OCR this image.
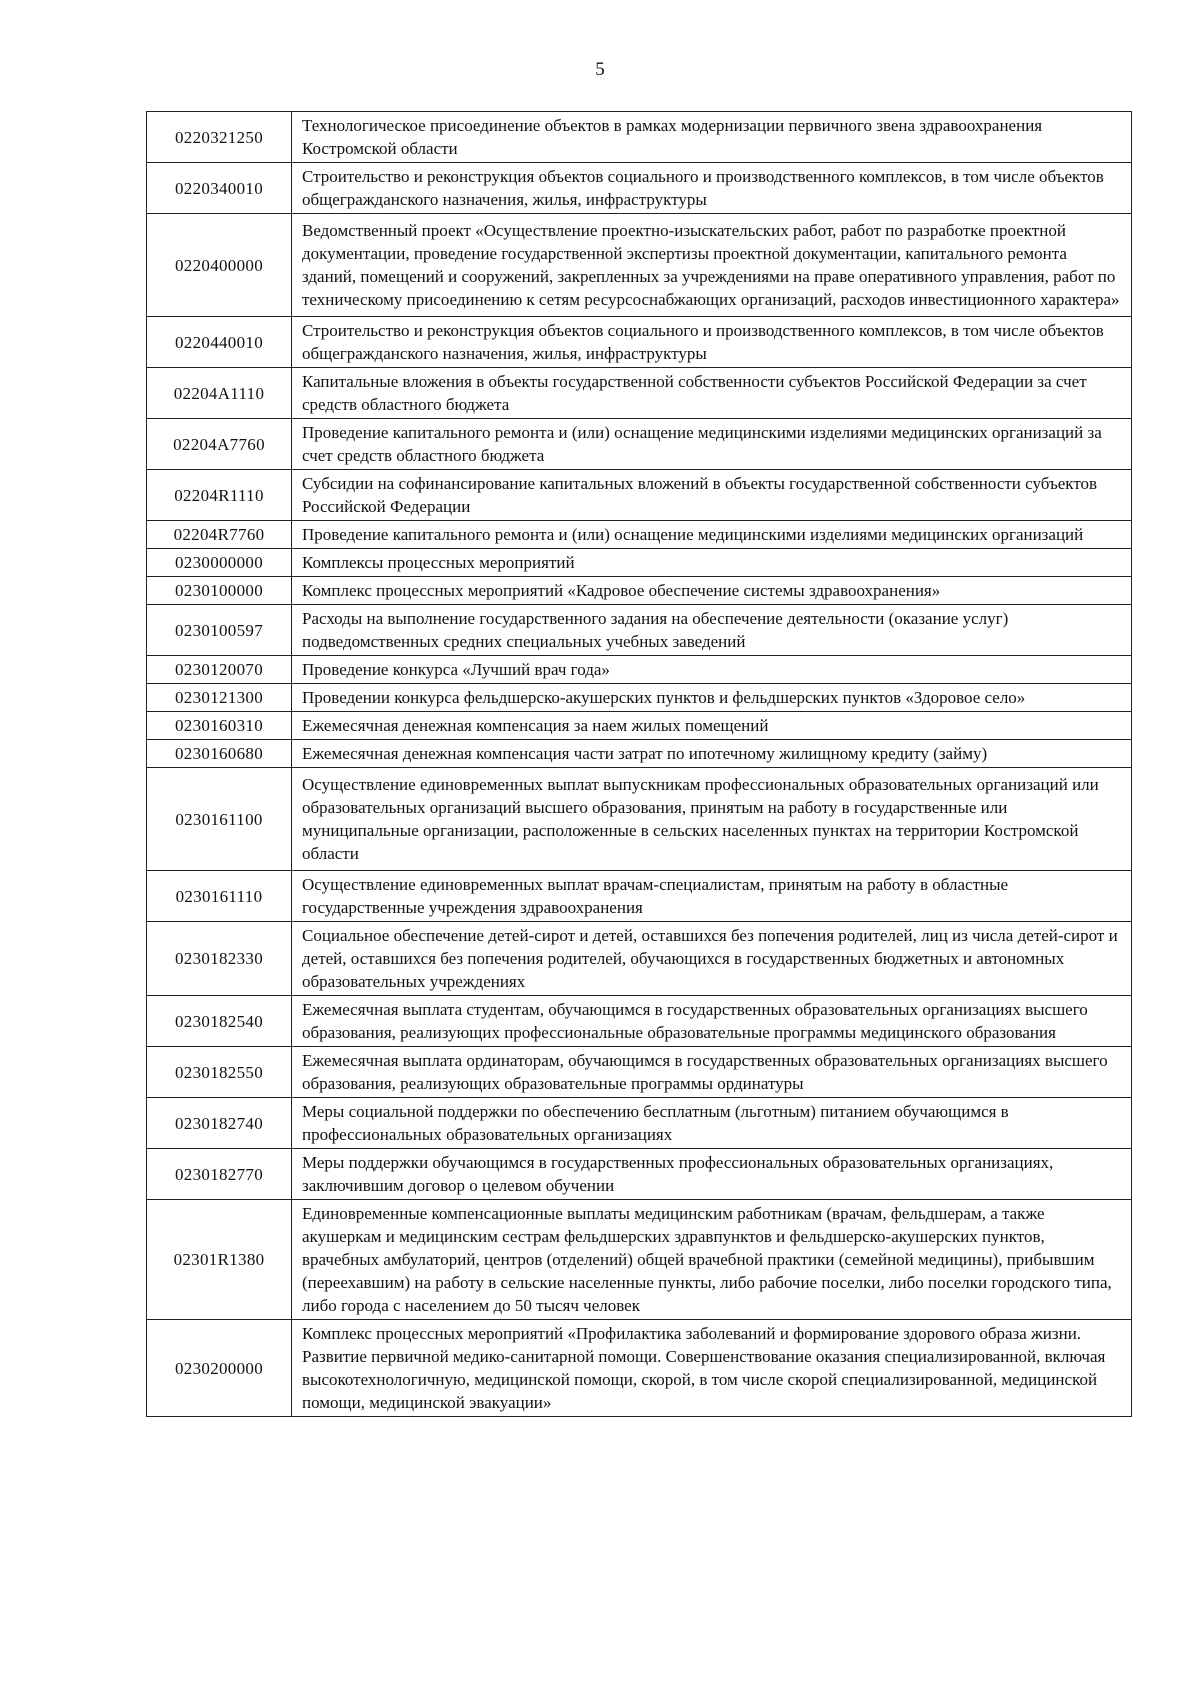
5
0220321250	Технологическое присоединение объектов в рамках модернизации первичного звена здравоохранения Костромской области
0220340010	Строительство и реконструкция объектов социального и производственного комплексов, в том числе объектов общегражданского назначения, жилья, инфраструктуры
0220400000	Ведомственный проект «Осуществление проектно-изыскательских работ, работ по разработке проектной документации, проведение государственной экспертизы проектной документации, капитального ремонта зданий, помещений и сооружений, закрепленных за учреждениями на праве оперативного управления, работ по техническому присоединению к сетям ресурсоснабжающих организаций, расходов инвестиционного характера»
0220440010	Строительство и реконструкция объектов социального и производственного комплексов, в том числе объектов общегражданского назначения, жилья, инфраструктуры
02204A1110	Капитальные вложения в объекты государственной собственности субъектов Российской Федерации за счет средств областного бюджета
02204A7760	Проведение капитального ремонта и (или) оснащение медицинскими изделиями медицинских организаций за счет средств областного бюджета
02204R1110	Субсидии на софинансирование капитальных вложений в объекты государственной собственности субъектов Российской Федерации
02204R7760	Проведение капитального ремонта и (или) оснащение медицинскими изделиями медицинских организаций
0230000000	Комплексы процессных мероприятий
0230100000	Комплекс процессных мероприятий «Кадровое обеспечение системы здравоохранения»
0230100597	Расходы на выполнение государственного задания на обеспечение деятельности (оказание услуг) подведомственных средних специальных учебных заведений
0230120070	Проведение конкурса «Лучший врач года»
0230121300	Проведении конкурса фельдшерско-акушерских пунктов и фельдшерских пунктов «Здоровое село»
0230160310	Ежемесячная денежная компенсация за наем жилых помещений
0230160680	Ежемесячная денежная компенсация части затрат по ипотечному жилищному кредиту (займу)
0230161100	Осуществление единовременных выплат выпускникам профессиональных образовательных организаций или образовательных организаций высшего образования, принятым на работу в государственные или муниципальные организации, расположенные в сельских населенных пунктах на территории Костромской области
0230161110	Осуществление единовременных выплат врачам-специалистам, принятым на работу в областные государственные учреждения здравоохранения
0230182330	Социальное обеспечение детей-сирот и детей, оставшихся без попечения родителей, лиц из числа детей-сирот и детей, оставшихся без попечения родителей, обучающихся в государственных бюджетных и автономных образовательных учреждениях
0230182540	Ежемесячная выплата студентам, обучающимся в государственных образовательных организациях высшего образования, реализующих профессиональные образовательные программы медицинского образования
0230182550	Ежемесячная выплата ординаторам, обучающимся в государственных образовательных организациях высшего образования, реализующих образовательные программы ординатуры
0230182740	Меры социальной поддержки по обеспечению бесплатным (льготным) питанием обучающимся в профессиональных образовательных организациях
0230182770	Меры поддержки обучающимся в государственных профессиональных образовательных организациях, заключившим договор о целевом обучении
02301R1380	Единовременные компенсационные выплаты медицинским работникам (врачам, фельдшерам, а также акушеркам и медицинским сестрам фельдшерских здравпунктов и фельдшерско-акушерских пунктов, врачебных амбулаторий, центров (отделений) общей врачебной практики (семейной медицины), прибывшим (переехавшим) на работу в сельские населенные пункты, либо рабочие поселки, либо поселки городского типа, либо города с населением до 50 тысяч человек
0230200000	Комплекс процессных мероприятий «Профилактика заболеваний и формирование здорового образа жизни. Развитие первичной медико-санитарной помощи. Совершенствование оказания специализированной, включая высокотехнологичную, медицинской помощи, скорой, в том числе скорой специализированной, медицинской помощи, медицинской эвакуации»
